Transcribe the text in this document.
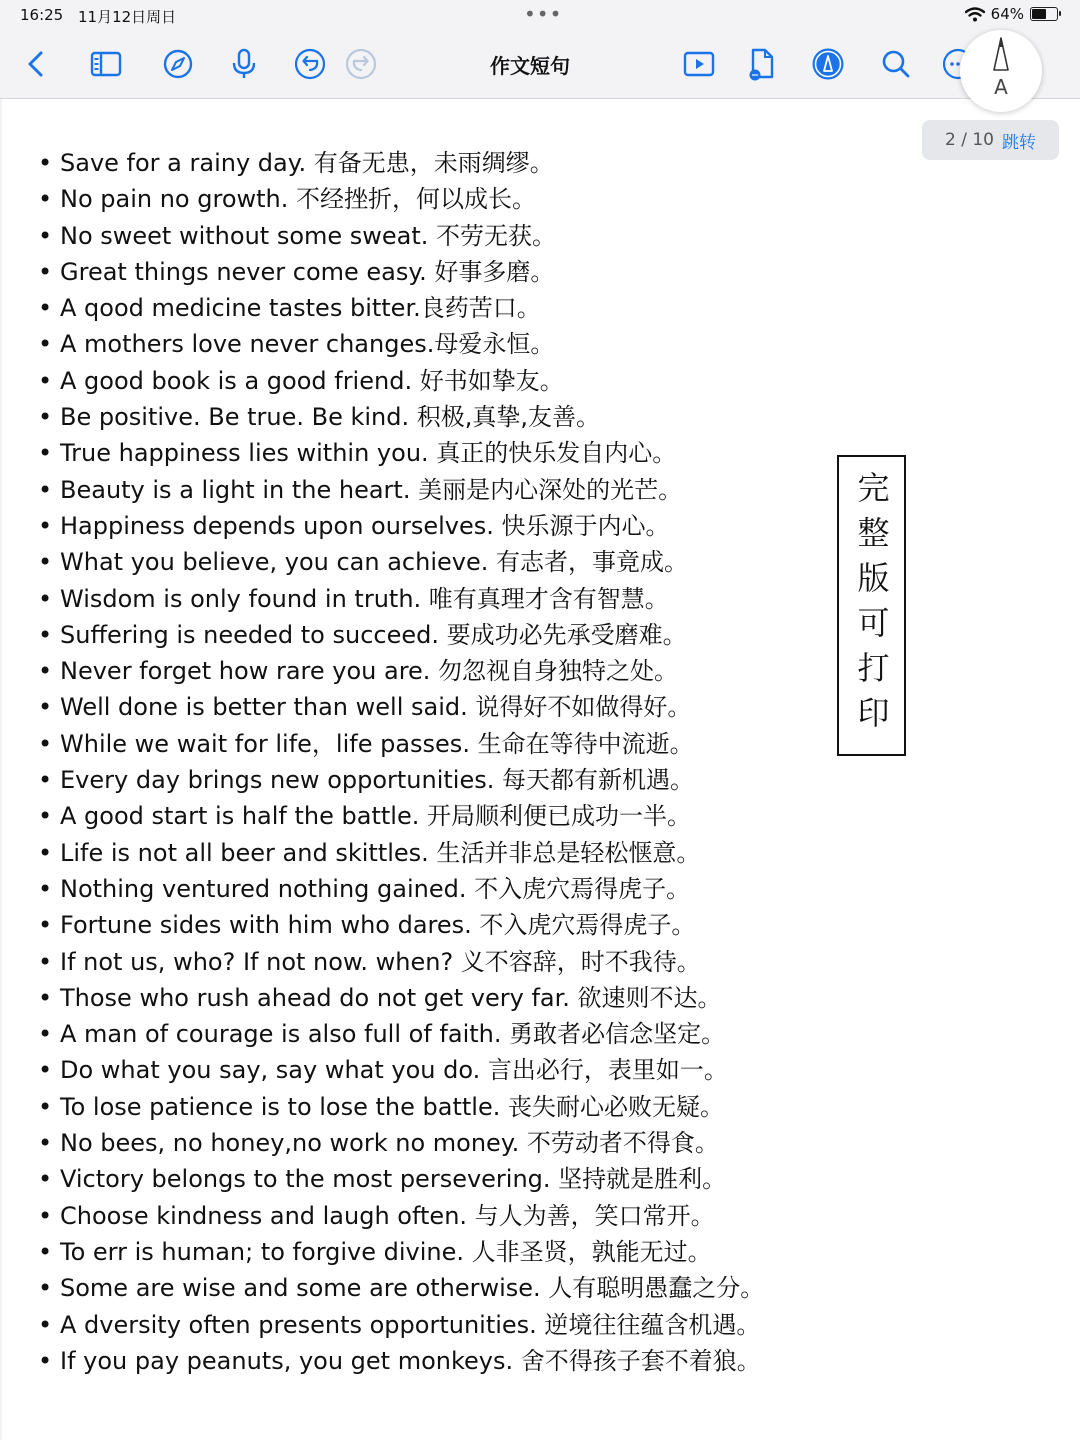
16:25 11月12日周日	•••	64%
作文短句
2 / 10 跳转
• Save for a rainy day. 有备无患，未雨绸缪。
• No pain no growth. 不经挫折，何以成长。
• No sweet without some sweat. 不劳无获。
• Great things never come easy. 好事多磨。
• A qood medicine tastes bitter.良药苦口。
• A mothers love never changes.母爱永恒。
• A good book is a good friend. 好书如挚友。
• Be positive. Be true. Be kind. 积极,真挚,友善。
• True happiness lies within you. 真正的快乐发自内心。
• Beauty is a light in the heart. 美丽是内心深处的光芒。
• Happiness depends upon ourselves. 快乐源于内心。
• What you believe, you can achieve. 有志者，事竟成。
• Wisdom is only found in truth. 唯有真理才含有智慧。
• Suffering is needed to succeed. 要成功必先承受磨难。
• Never forget how rare you are. 勿忽视自身独特之处。
• Well done is better than well said. 说得好不如做得好。
• While we wait for life，life passes. 生命在等待中流逝。
• Every day brings new opportunities. 每天都有新机遇。
• A good start is half the battle. 开局顺利便已成功一半。
• Life is not all beer and skittles. 生活并非总是轻松惬意。
• Nothing ventured nothing gained. 不入虎穴焉得虎子。
• Fortune sides with him who dares. 不入虎穴焉得虎子。
• If not us, who? If not now. when? 义不容辞，时不我待。
• Those who rush ahead do not get very far. 欲速则不达。
• A man of courage is also full of faith. 勇敢者必信念坚定。
• Do what you say, say what you do. 言出必行，表里如一。
• To lose patience is to lose the battle. 丧失耐心必败无疑。
• No bees, no honey,no work no money. 不劳动者不得食。
• Victory belongs to the most persevering. 坚持就是胜利。
• Choose kindness and laugh often. 与人为善，笑口常开。
• To err is human; to forgive divine. 人非圣贤，孰能无过。
• Some are wise and some are otherwise. 人有聪明愚蠢之分。
• A dversity often presents opportunities. 逆境往往蕴含机遇。
• If you pay peanuts, you get monkeys. 舍不得孩子套不着狼。
完整版可打印
A
